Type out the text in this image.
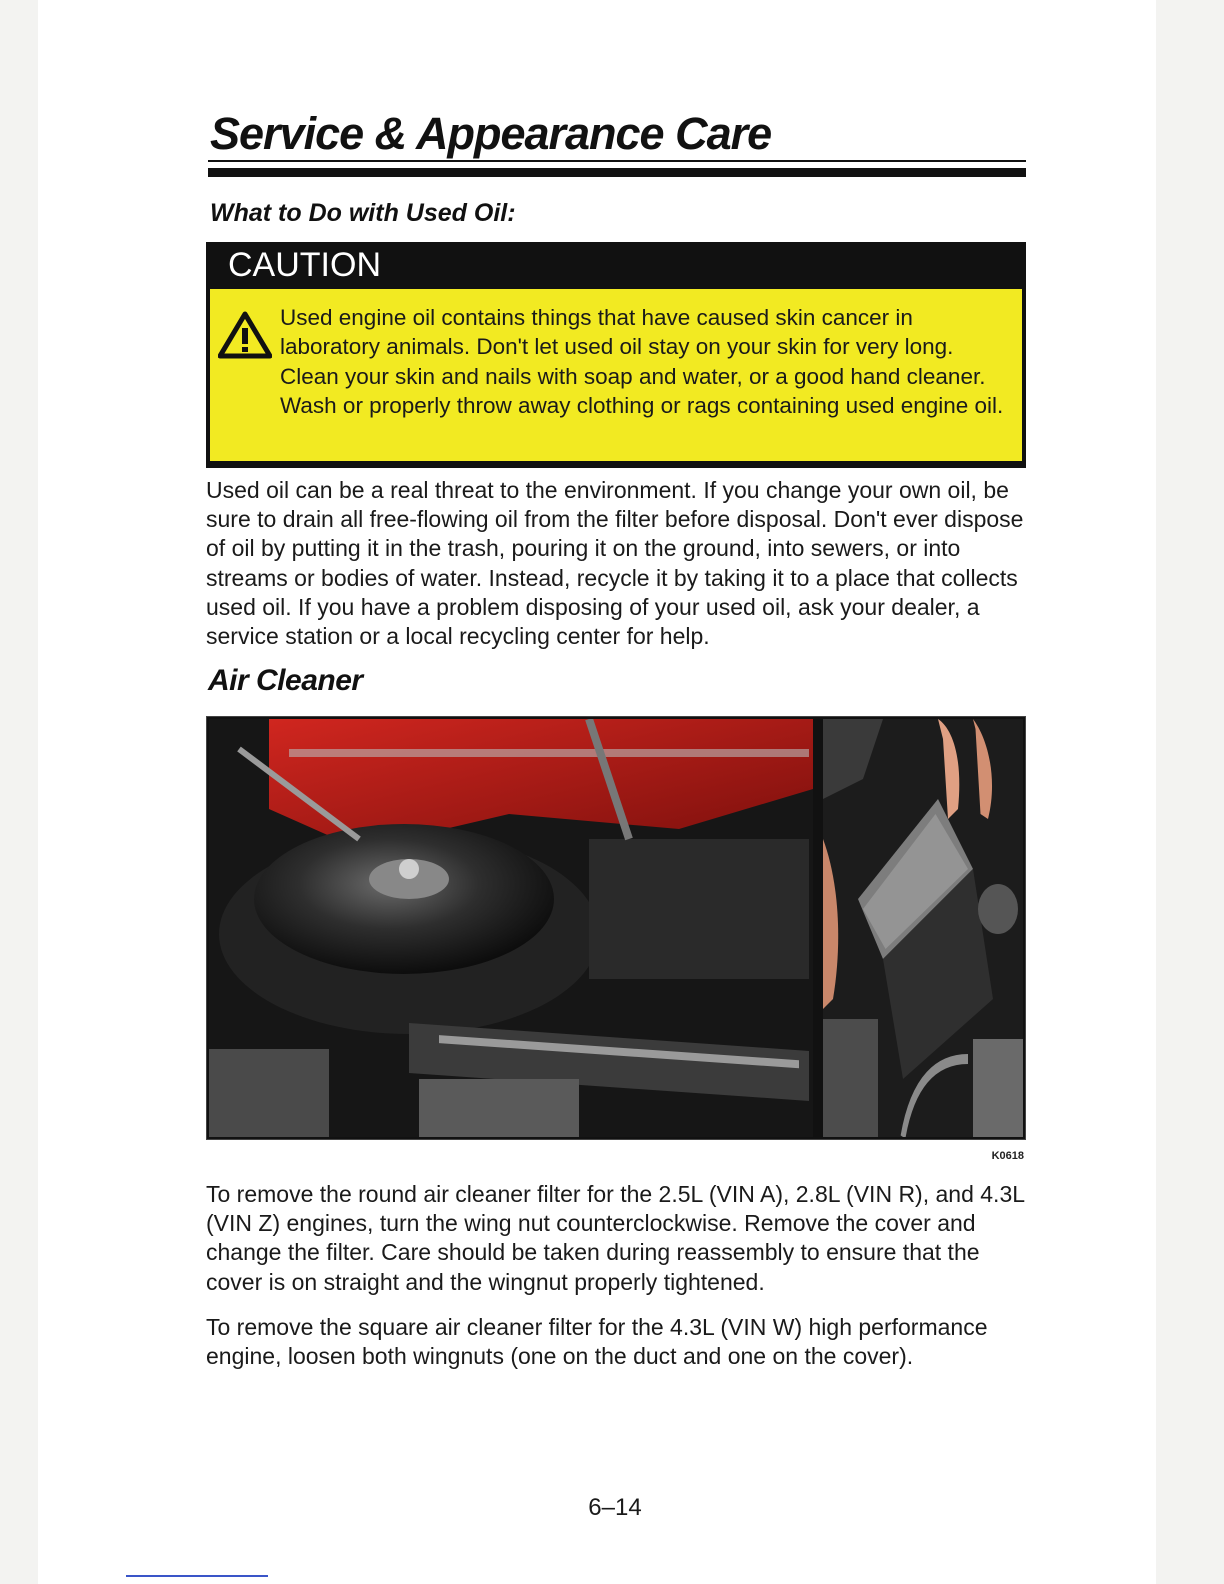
Service & Appearance Care
What to Do with Used Oil:
CAUTION

Used engine oil contains things that have caused skin cancer in laboratory animals. Don't let used oil stay on your skin for very long. Clean your skin and nails with soap and water, or a good hand cleaner. Wash or properly throw away clothing or rags containing used engine oil.

Used oil can be a real threat to the environment. If you change your own oil, be sure to drain all free-flowing oil from the filter before disposal. Don't ever dispose of oil by putting it in the trash, pouring it on the ground, into sewers, or into streams or bodies of water. Instead, recycle it by taking it to a place that collects used oil. If you have a problem disposing of your used oil, ask your dealer, a service station or a local recycling center for help.

Air Cleaner

K0618

To remove the round air cleaner filter for the 2.5L (VIN A), 2.8L (VIN R), and 4.3L (VIN Z) engines, turn the wing nut counterclockwise. Remove the cover and change the filter. Care should be taken during reassembly to ensure that the cover is on straight and the wingnut properly tightened.

To remove the square air cleaner filter for the 4.3L (VIN W) high performance engine, loosen both wingnuts (one on the duct and one on the cover).

6–14
